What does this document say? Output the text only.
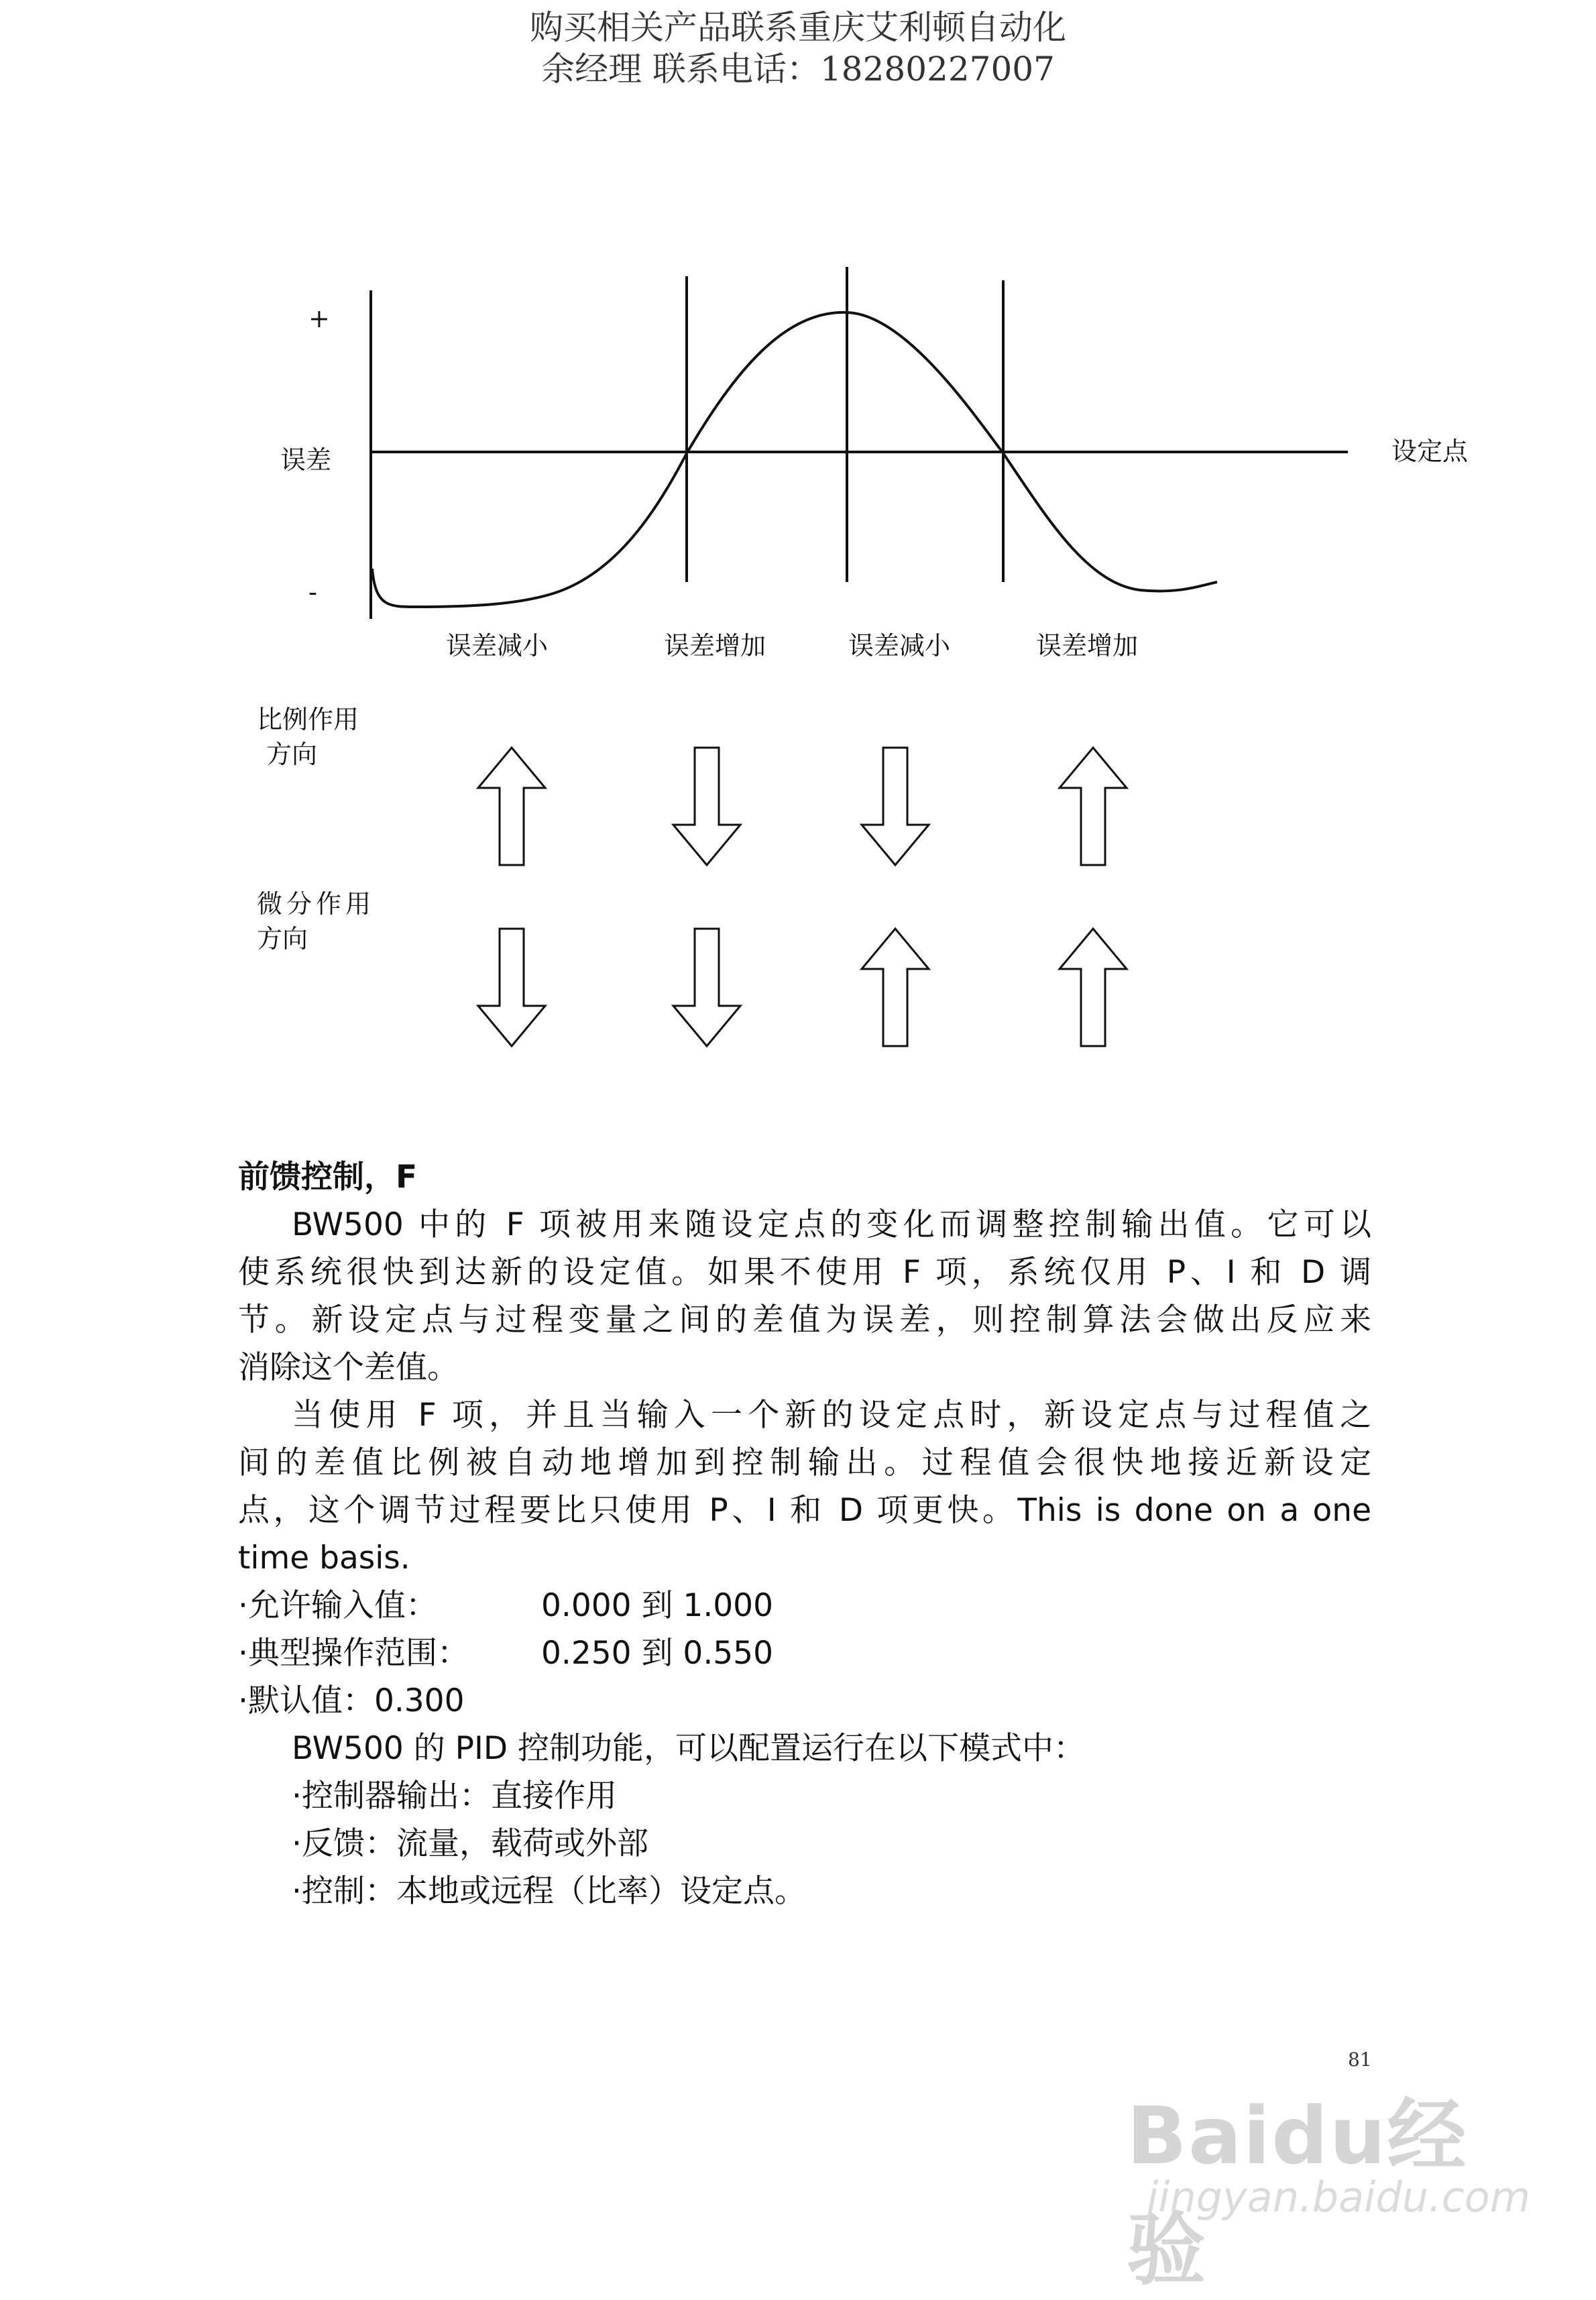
购买相关产品联系重庆艾利顿自动化
余经理 联系电话：18280227007
+
-
误差	设定点
误差减小	误差增加	误差减小	误差增加
比例作用
方向
微分作用
方向

前馈控制，F

BW500 中的 F 项被用来随设定点的变化而调整控制输出值。它可以

使系统很快到达新的设定值。如果不使用 F 项，系统仅用 P、I 和 D 调

节。新设定点与过程变量之间的差值为误差，则控制算法会做出反应来

消除这个差值。

当使用 F 项，并且当输入一个新的设定点时，新设定点与过程值之

间的差值比例被自动地增加到控制输出。过程值会很快地接近新设定

点，这个调节过程要比只使用 P、I 和 D 项更快。This is done on a one

time basis.

·允许输入值：	0.000 到 1.000

·典型操作范围：	0.250 到 0.550

·默认值：0.300

BW500 的 PID 控制功能，可以配置运行在以下模式中：

·控制器输出：直接作用

·反馈：流量，载荷或外部

·控制：本地或远程（比率）设定点。

81
Baidu经验
jingyan.baidu.com
